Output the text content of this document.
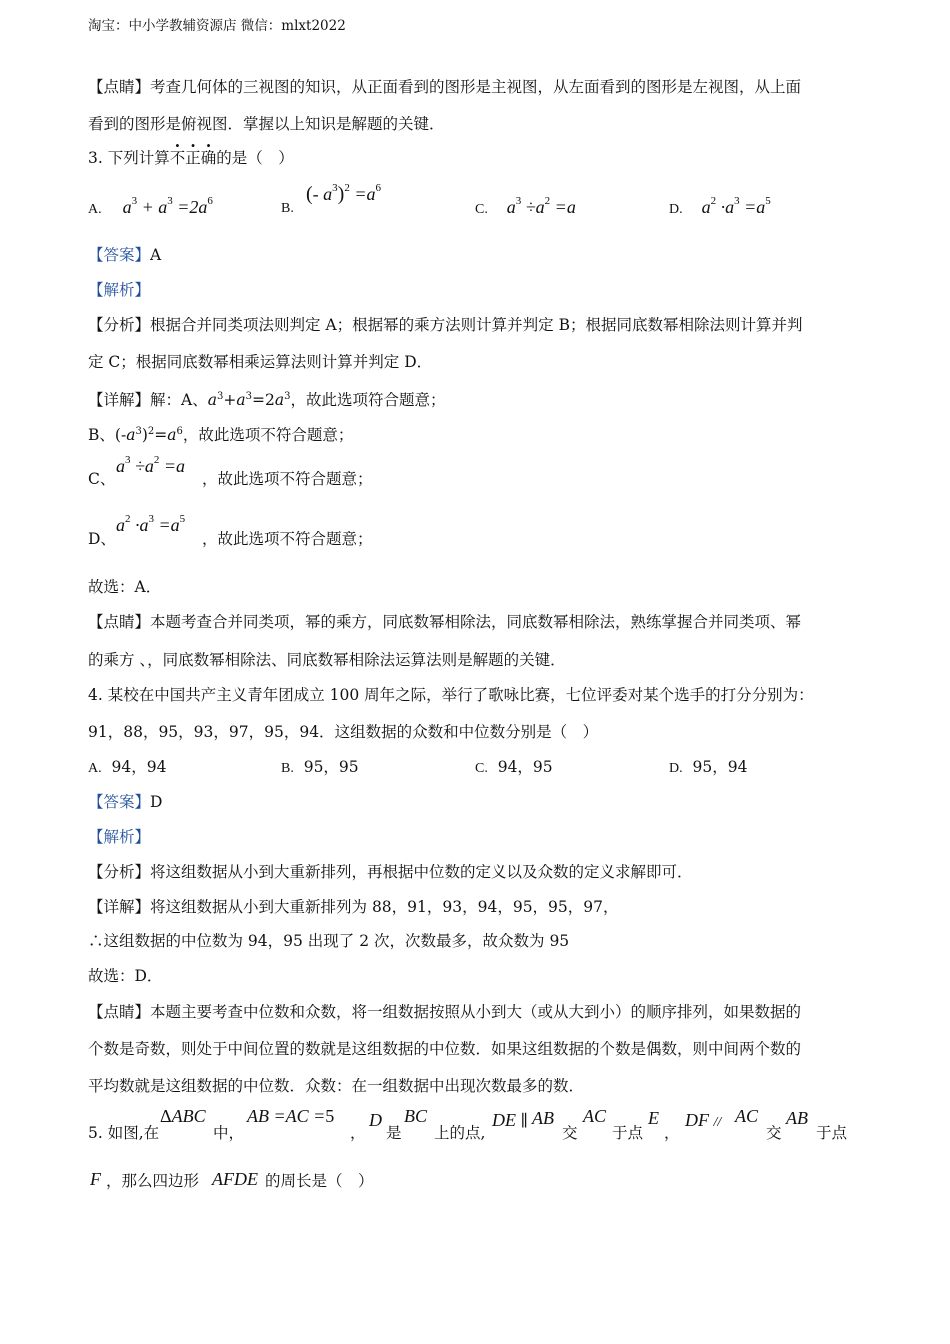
淘宝：中小学教辅资源店 微信：mlxt2022
【点睛】考查几何体的三视图的知识，从正面看到的图形是主视图，从左面看到的图形是左视图，从上面
看到的图形是俯视图．掌握以上知识是解题的关键．
3. 下列计算不正确的是（　）
A. $a^3 + a^3 =2a^6$	B.
(- $a^3)^2 =a^6$
C. $a^3 \div a^2 =a$	D. $a^2 \cdot a^3 =a^5$
【答案】A
【解析】
【分析】根据合并同类项法则判定 A；根据幂的乘方法则计算并判定 B；根据同底数幂相除法则计算并判
定 C；根据同底数幂相乘运算法则计算并判定 D．
【详解】解：A、$a^3+a^3=2a^3$，故此选项符合题意；
B、$(-a^3)^2=a^6$，故此选项不符合题意；
C、
$a^3 \div a^2 =a$
，故此选项不符合题意；
D、
$a^2 \cdot a^3 =a^5$
，故此选项不符合题意；
故选：A．
【点睛】本题考查合并同类项，幂的乘方，同底数幂相除法，同底数幂相除法，熟练掌握合并同类项、幂
的乘方 、，同底数幂相除法、同底数幂相除法运算法则是解题的关键．
4. 某校在中国共产主义青年团成立 100 周年之际，举行了歌咏比赛，七位评委对某个选手的打分分别为：
91，88，95，93，97，95，94．这组数据的众数和中位数分别是（　）
A. 94，94	B. 95，95	C. 94，95	D. 95，94
【答案】D
【解析】
【分析】将这组数据从小到大重新排列，再根据中位数的定义以及众数的定义求解即可．
【详解】将这组数据从小到大重新排列为 88，91，93，94，95，95，97，
∴这组数据的中位数为 94，95 出现了 2 次，次数最多，故众数为 95
故选：D．
【点睛】本题主要考查中位数和众数，将一组数据按照从小到大（或从大到小）的顺序排列，如果数据的
个数是奇数，则处于中间位置的数就是这组数据的中位数．如果这组数据的个数是偶数，则中间两个数的
平均数就是这组数据的中位数．众数：在一组数据中出现次数最多的数．
5. 如图,在
ΔABC
中，
AB =AC =5
，
D
是
BC
上的点,
DE ∥ AB
交
AC
于点
E
，
DF // AC
交
AB
于点
F ，那么四边形 AFDE 的周长是（　）
